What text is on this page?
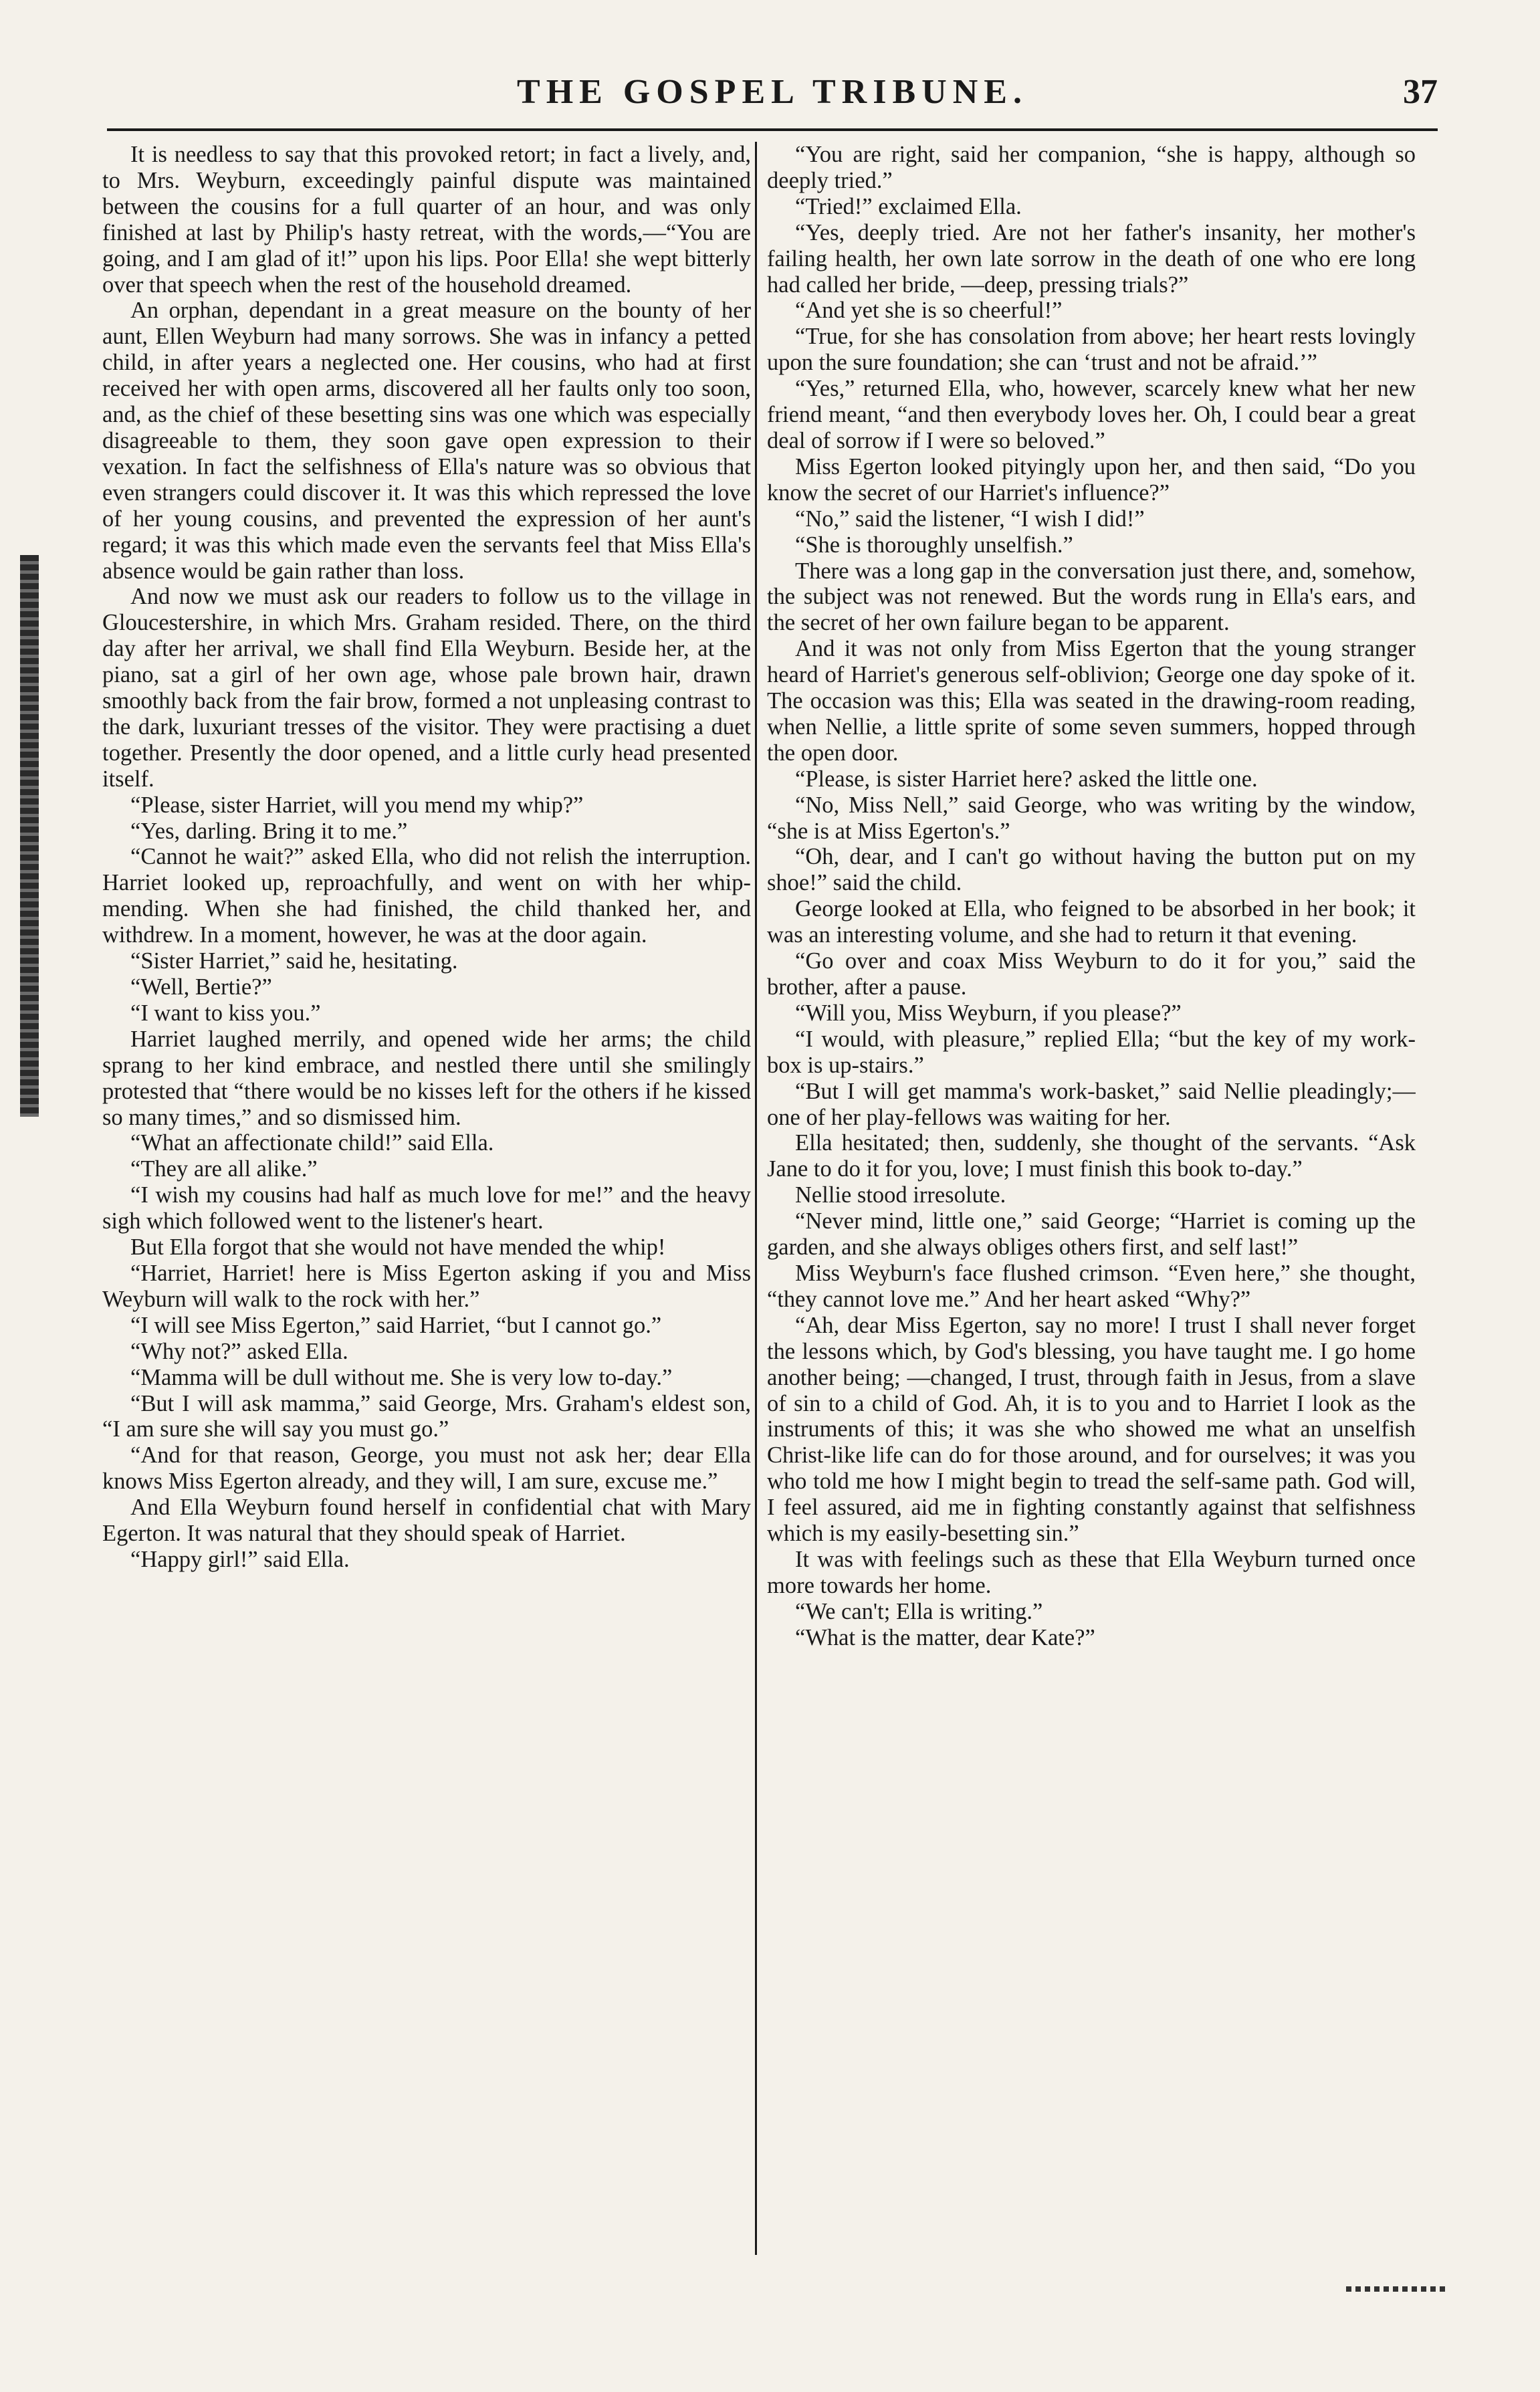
THE GOSPEL TRIBUNE.	37

It is needless to say that this provoked retort; in fact a lively, and, to Mrs. Weyburn, exceedingly painful dispute was maintained between the cousins for a full quarter of an hour, and was only finished at last by Philip's hasty retreat, with the words,—“You are going, and I am glad of it!” upon his lips. Poor Ella! she wept bitterly over that speech when the rest of the household dreamed.

An orphan, dependant in a great measure on the bounty of her aunt, Ellen Weyburn had many sorrows. She was in infancy a petted child, in after years a neglected one. Her cousins, who had at first received her with open arms, discovered all her faults only too soon, and, as the chief of these besetting sins was one which was especially disagreeable to them, they soon gave open expression to their vexation. In fact the selfishness of Ella's nature was so obvious that even strangers could discover it. It was this which repressed the love of her young cousins, and prevented the expression of her aunt's regard; it was this which made even the servants feel that Miss Ella's absence would be gain rather than loss.

And now we must ask our readers to follow us to the village in Gloucestershire, in which Mrs. Graham resided. There, on the third day after her arrival, we shall find Ella Weyburn. Beside her, at the piano, sat a girl of her own age, whose pale brown hair, drawn smoothly back from the fair brow, formed a not unpleasing contrast to the dark, luxuriant tresses of the visitor. They were practising a duet together. Presently the door opened, and a little curly head presented itself.

“Please, sister Harriet, will you mend my whip?”

“Yes, darling. Bring it to me.”

“Cannot he wait?” asked Ella, who did not relish the interruption. Harriet looked up, reproachfully, and went on with her whip-mending. When she had finished, the child thanked her, and withdrew. In a moment, however, he was at the door again.

“Sister Harriet,” said he, hesitating.

“Well, Bertie?”

“I want to kiss you.”

Harriet laughed merrily, and opened wide her arms; the child sprang to her kind embrace, and nestled there until she smilingly protested that “there would be no kisses left for the others if he kissed so many times,” and so dismissed him.

“What an affectionate child!” said Ella.

“They are all alike.”

“I wish my cousins had half as much love for me!” and the heavy sigh which followed went to the listener's heart.

But Ella forgot that she would not have mended the whip!

“Harriet, Harriet! here is Miss Egerton asking if you and Miss Weyburn will walk to the rock with her.”

“I will see Miss Egerton,” said Harriet, “but I cannot go.”

“Why not?” asked Ella.

“Mamma will be dull without me. She is very low to-day.”

“But I will ask mamma,” said George, Mrs. Graham's eldest son, “I am sure she will say you must go.”

“And for that reason, George, you must not ask her; dear Ella knows Miss Egerton already, and they will, I am sure, excuse me.”

And Ella Weyburn found herself in confidential chat with Mary Egerton. It was natural that they should speak of Harriet.

“Happy girl!” said Ella.

“You are right, said her companion, “she is happy, although so deeply tried.”

“Tried!” exclaimed Ella.

“Yes, deeply tried. Are not her father's insanity, her mother's failing health, her own late sorrow in the death of one who ere long had called her bride, —deep, pressing trials?”

“And yet she is so cheerful!”

“True, for she has consolation from above; her heart rests lovingly upon the sure foundation; she can ‘trust and not be afraid.’”

“Yes,” returned Ella, who, however, scarcely knew what her new friend meant, “and then everybody loves her. Oh, I could bear a great deal of sorrow if I were so beloved.”

Miss Egerton looked pityingly upon her, and then said, “Do you know the secret of our Harriet's influence?”

“No,” said the listener, “I wish I did!”

“She is thoroughly unselfish.”

There was a long gap in the conversation just there, and, somehow, the subject was not renewed. But the words rung in Ella's ears, and the secret of her own failure began to be apparent.

And it was not only from Miss Egerton that the young stranger heard of Harriet's generous self-oblivion; George one day spoke of it. The occasion was this; Ella was seated in the drawing-room reading, when Nellie, a little sprite of some seven summers, hopped through the open door.

“Please, is sister Harriet here? asked the little one.

“No, Miss Nell,” said George, who was writing by the window, “she is at Miss Egerton's.”

“Oh, dear, and I can't go without having the button put on my shoe!” said the child.

George looked at Ella, who feigned to be absorbed in her book; it was an interesting volume, and she had to return it that evening.

“Go over and coax Miss Weyburn to do it for you,” said the brother, after a pause.

“Will you, Miss Weyburn, if you please?”

“I would, with pleasure,” replied Ella; “but the key of my work-box is up-stairs.”

“But I will get mamma's work-basket,” said Nellie pleadingly;—one of her play-fellows was waiting for her.

Ella hesitated; then, suddenly, she thought of the servants. “Ask Jane to do it for you, love; I must finish this book to-day.”

Nellie stood irresolute.

“Never mind, little one,” said George; “Harriet is coming up the garden, and she always obliges others first, and self last!”

Miss Weyburn's face flushed crimson. “Even here,” she thought, “they cannot love me.” And her heart asked “Why?”

“Ah, dear Miss Egerton, say no more! I trust I shall never forget the lessons which, by God's blessing, you have taught me. I go home another being; —changed, I trust, through faith in Jesus, from a slave of sin to a child of God. Ah, it is to you and to Harriet I look as the instruments of this; it was she who showed me what an unselfish Christ-like life can do for those around, and for ourselves; it was you who told me how I might begin to tread the self-same path. God will, I feel assured, aid me in fighting constantly against that selfishness which is my easily-besetting sin.”

It was with feelings such as these that Ella Weyburn turned once more towards her home.

“We can't; Ella is writing.”

“What is the matter, dear Kate?”
